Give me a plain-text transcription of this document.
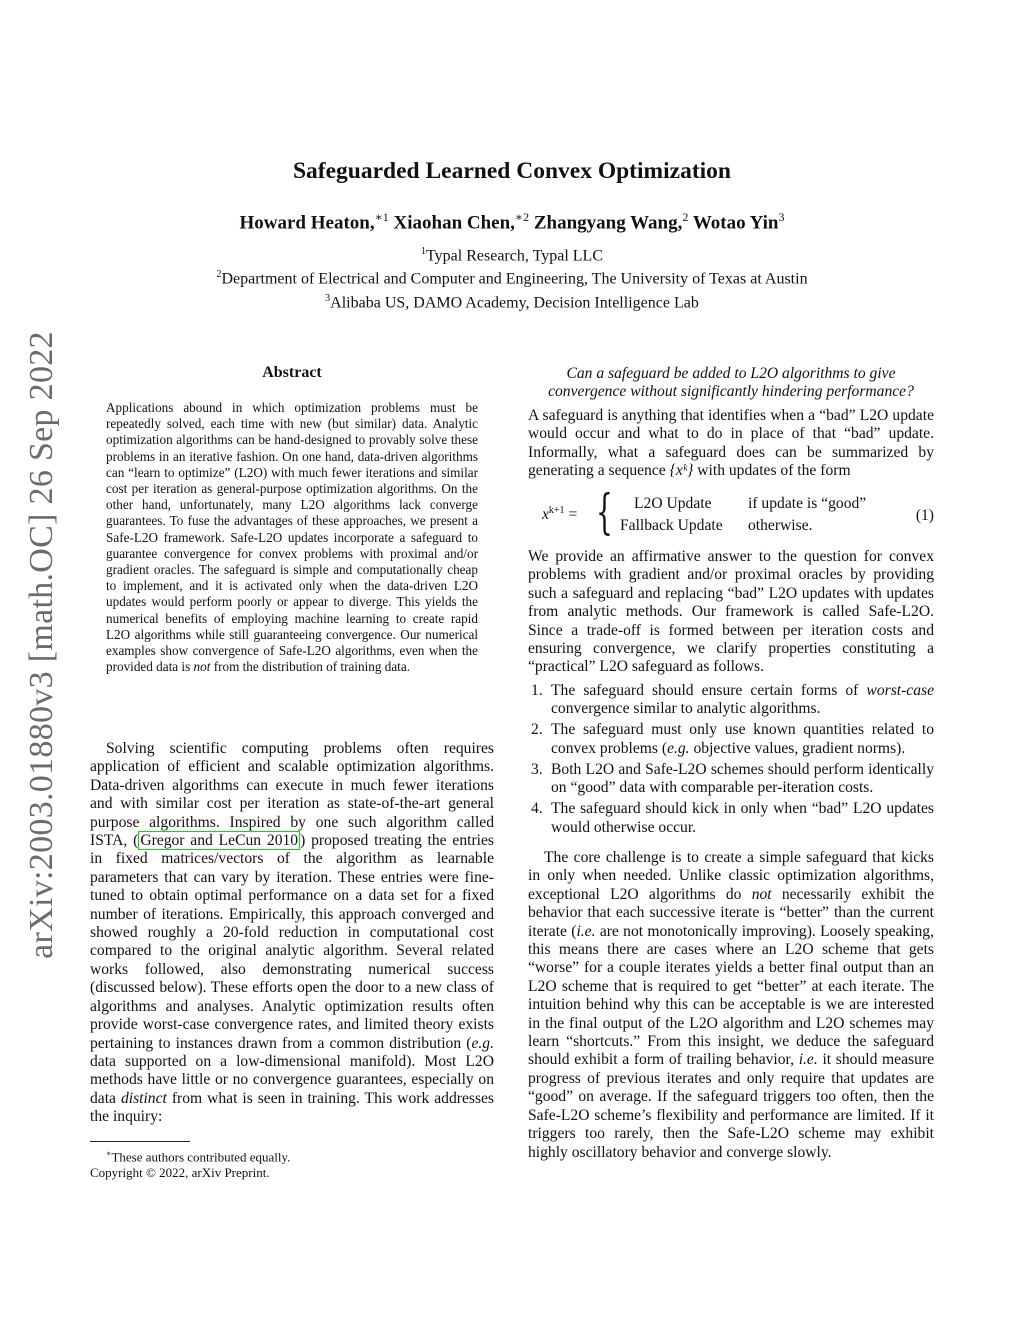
arXiv:2003.01880v3 [math.OC] 26 Sep 2022
Safeguarded Learned Convex Optimization
Howard Heaton,$^{∗1}$ Xiaohan Chen,$^{∗2}$ Zhangyang Wang,$^2$ Wotao Yin$^3$
$^1$Typal Research, Typal LLC
$^2$Department of Electrical and Computer and Engineering, The University of Texas at Austin
$^3$Alibaba US, DAMO Academy, Decision Intelligence Lab
Abstract
Applications abound in which optimization problems must be repeatedly solved, each time with new (but similar) data. Analytic optimization algorithms can be hand-designed to provably solve these problems in an iterative fashion. On one hand, data-driven algorithms can “learn to optimize” (L2O) with much fewer iterations and similar cost per iteration as general-purpose optimization algorithms. On the other hand, unfortunately, many L2O algorithms lack converge guarantees. To fuse the advantages of these approaches, we present a Safe-L2O framework. Safe-L2O updates incorporate a safeguard to guarantee convergence for convex problems with proximal and/or gradient oracles. The safeguard is simple and computationally cheap to implement, and it is activated only when the data-driven L2O updates would perform poorly or appear to diverge. This yields the numerical benefits of employing machine learning to create rapid L2O algorithms while still guaranteeing convergence. Our numerical examples show convergence of Safe-L2O algorithms, even when the provided data is not from the distribution of training data.

Solving scientific computing problems often requires application of efficient and scalable optimization algorithms. Data-driven algorithms can execute in much fewer iterations and with similar cost per iteration as state-of-the-art general purpose algorithms. Inspired by one such algorithm called ISTA, ( Gregor and LeCun 2010 ) proposed treating the entries in fixed matrices/vectors of the algorithm as learnable parameters that can vary by iteration. These entries were fine-tuned to obtain optimal performance on a data set for a fixed number of iterations. Empirically, this approach converged and showed roughly a 20-fold reduction in computational cost compared to the original analytic algorithm. Several related works followed, also demonstrating numerical success (discussed below). These efforts open the door to a new class of algorithms and analyses. Analytic optimization results often provide worst-case convergence rates, and limited theory exists pertaining to instances drawn from a common distribution (e.g. data supported on a low-dimensional manifold). Most L2O methods have little or no convergence guarantees, especially on data distinct from what is seen in training. This work addresses the inquiry:

∗These authors contributed equally.
Copyright © 2022, arXiv Preprint.
Can a safeguard be added to L2O algorithms to give convergence without significantly hindering performance?
A safeguard is anything that identifies when a “bad” L2O update would occur and what to do in place of that “bad” update. Informally, what a safeguard does can be summarized by generating a sequence {xᵏ} with updates of the form
$x^{k+1}$ = { L2O Update if update is “good”
Fallback Update otherwise.
(1)
We provide an affirmative answer to the question for convex problems with gradient and/or proximal oracles by providing such a safeguard and replacing “bad” L2O updates with updates from analytic methods. Our framework is called Safe-L2O. Since a trade-off is formed between per iteration costs and ensuring convergence, we clarify properties constituting a “practical” L2O safeguard as follows.
1. The safeguard should ensure certain forms of worst-case convergence similar to analytic algorithms.
2. The safeguard must only use known quantities related to convex problems (e.g. objective values, gradient norms).
3. Both L2O and Safe-L2O schemes should perform identically on “good” data with comparable per-iteration costs.
4. The safeguard should kick in only when “bad” L2O updates would otherwise occur.

The core challenge is to create a simple safeguard that kicks in only when needed. Unlike classic optimization algorithms, exceptional L2O algorithms do not necessarily exhibit the behavior that each successive iterate is “better” than the current iterate (i.e. are not monotonically improving). Loosely speaking, this means there are cases where an L2O scheme that gets “worse” for a couple iterates yields a better final output than an L2O scheme that is required to get “better” at each iterate. The intuition behind why this can be acceptable is we are interested in the final output of the L2O algorithm and L2O schemes may learn “shortcuts.” From this insight, we deduce the safeguard should exhibit a form of trailing behavior, i.e. it should measure progress of previous iterates and only require that updates are “good” on average. If the safeguard triggers too often, then the Safe-L2O scheme’s flexibility and performance are limited. If it triggers too rarely, then the Safe-L2O scheme may exhibit highly oscillatory behavior and converge slowly.
